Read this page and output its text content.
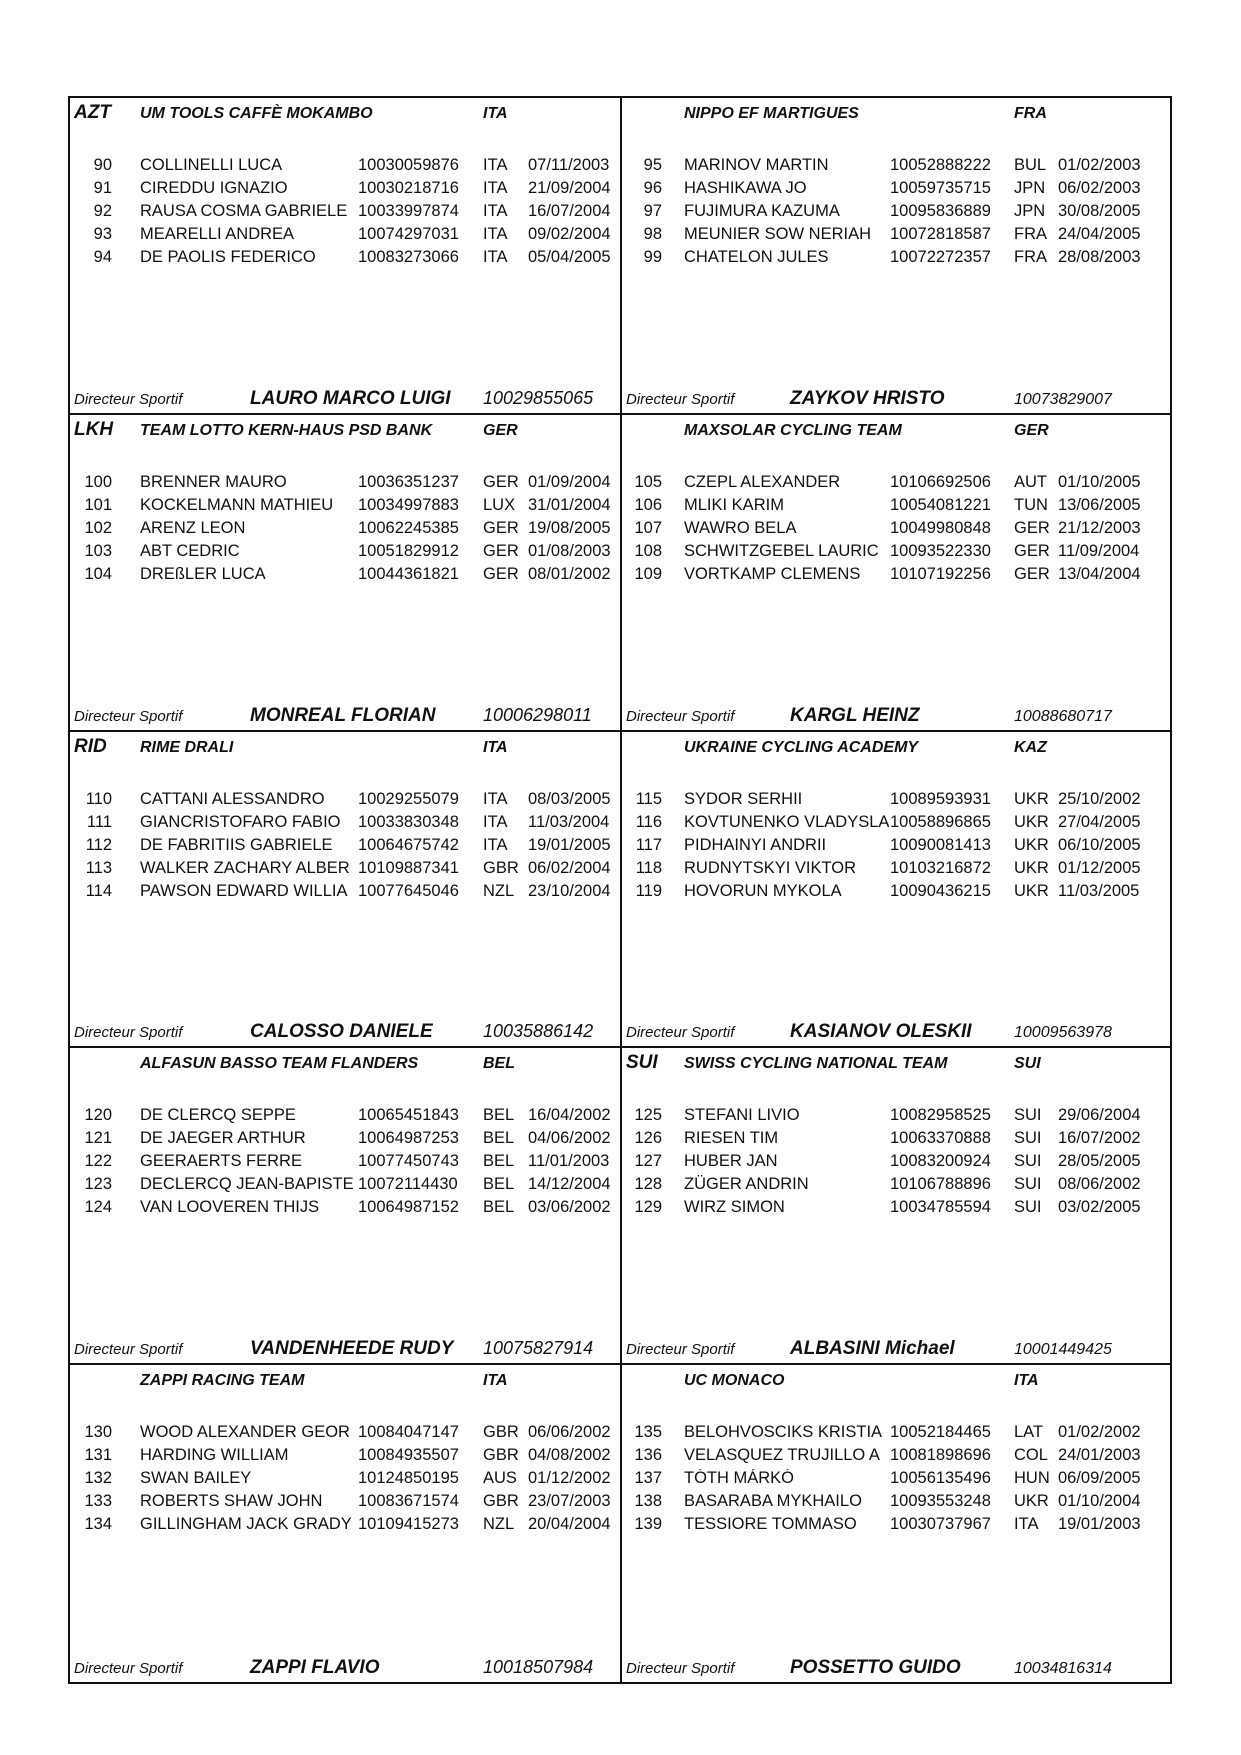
AZT UM TOOLS CAFFÈ MOKAMBO	ITA
90 COLLINELLI LUCA	10030059876 ITA 07/11/2003
91 CIREDDU IGNAZIO	10030218716 ITA 21/09/2004
92 RAUSA COSMA GABRIELE 10033997874 ITA 16/07/2004
93 MEARELLI ANDREA	10074297031 ITA 09/02/2004
94 DE PAOLIS FEDERICO	10083273066 ITA 05/04/2005
Directeur Sportif	LAURO MARCO LUIGI 10029855065
NIPPO EF MARTIGUES	FRA
95 MARINOV MARTIN	10052888222 BUL 01/02/2003
96 HASHIKAWA JO	10059735715 JPN 06/02/2003
97 FUJIMURA KAZUMA	10095836889 JPN 30/08/2005
98 MEUNIER SOW NERIAH	10072818587 FRA 24/04/2005
99 CHATELON JULES	10072272357 FRA 28/08/2003
Directeur Sportif	ZAYKOV HRISTO	10073829007
LKH TEAM LOTTO KERN-HAUS PSD BANK	GER
100 BRENNER MAURO	10036351237 GER 01/09/2004
101 KOCKELMANN MATHIEU	10034997883 LUX 31/01/2004
102 ARENZ LEON	10062245385 GER 19/08/2005
103 ABT CEDRIC	10051829912 GER 01/08/2003
104 DREßLER LUCA	10044361821 GER 08/01/2002
Directeur Sportif	MONREAL FLORIAN	10006298011
MAXSOLAR CYCLING TEAM	GER
105 CZEPL ALEXANDER	10106692506 AUT 01/10/2005
106 MLIKI KARIM	10054081221 TUN 13/06/2005
107 WAWRO BELA	10049980848 GER 21/12/2003
108 SCHWITZGEBEL LAURIC 10093522330 GER 11/09/2004
109 VORTKAMP CLEMENS	10107192256 GER 13/04/2004
Directeur Sportif	KARGL HEINZ	10088680717
RID RIME DRALI	ITA
110 CATTANI ALESSANDRO	10029255079 ITA 08/03/2005
111 GIANCRISTOFARO FABIO	10033830348 ITA 11/03/2004
112 DE FABRITIIS GABRIELE	10064675742 ITA 19/01/2005
113 WALKER ZACHARY ALBER 10109887341 GBR 06/02/2004
114 PAWSON EDWARD WILLIA 10077645046 NZL 23/10/2004
Directeur Sportif	CALOSSO DANIELE	10035886142
UKRAINE CYCLING ACADEMY	KAZ
115 SYDOR SERHII	10089593931 UKR 25/10/2002
116 KOVTUNENKO VLADYSLA 10058896865 UKR 27/04/2005
117 PIDHAINYI ANDRII	10090081413 UKR 06/10/2005
118 RUDNYTSKYI VIKTOR	10103216872 UKR 01/12/2005
119 HOVORUN MYKOLA	10090436215 UKR 11/03/2005
Directeur Sportif	KASIANOV OLESKII	10009563978
ALFASUN BASSO TEAM FLANDERS	BEL
120 DE CLERCQ SEPPE	10065451843 BEL 16/04/2002
121 DE JAEGER ARTHUR	10064987253 BEL 04/06/2002
122 GEERAERTS FERRE	10077450743 BEL 11/01/2003
123 DECLERCQ JEAN-BAPISTE 10072114430 BEL 14/12/2004
124 VAN LOOVEREN THIJS	10064987152 BEL 03/06/2002
Directeur Sportif	VANDENHEEDE RUDY 10075827914
SUI SWISS CYCLING NATIONAL TEAM	SUI
125 STEFANI LIVIO	10082958525 SUI 29/06/2004
126 RIESEN TIM	10063370888 SUI 16/07/2002
127 HUBER JAN	10083200924 SUI 28/05/2005
128 ZÜGER ANDRIN	10106788896 SUI 08/06/2002
129 WIRZ SIMON	10034785594 SUI 03/02/2005
Directeur Sportif	ALBASINI Michael	10001449425
ZAPPI RACING TEAM	ITA
130 WOOD ALEXANDER GEOR 10084047147 GBR 06/06/2002
131 HARDING WILLIAM	10084935507 GBR 04/08/2002
132 SWAN BAILEY	10124850195 AUS 01/12/2002
133 ROBERTS SHAW JOHN	10083671574 GBR 23/07/2003
134 GILLINGHAM JACK GRADY 10109415273 NZL 20/04/2004
Directeur Sportif	ZAPPI FLAVIO	10018507984
UC MONACO	ITA
135 BELOHVOSCIKS KRISTIA 10052184465 LAT 01/02/2002
136 VELASQUEZ TRUJILLO A 10081898696 COL 24/01/2003
137 TÓTH MÁRKÓ	10056135496 HUN 06/09/2005
138 BASARABA MYKHAILO	10093553248 UKR 01/10/2004
139 TESSIORE TOMMASO	10030737967 ITA 19/01/2003
Directeur Sportif	POSSETTO GUIDO	10034816314
